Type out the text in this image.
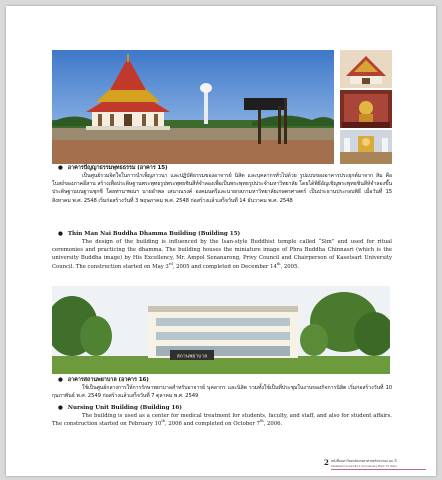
● อาคารปัญญาธรรมพุทธธรรม (อาคาร 15)
เป็นศูนย์รวมจิตใจในการนำเพ็ญภาวนา และปฏิบัติธรรมของอาจารย์ นิสิต และบุคลากรทั่วไปด้วย รูปแบบของอาคารประยุกต์มาจาก สิม คือ โบสถ์ของภาคอีสาน สร้างเพื่อประดิษฐานพระพุทธรูปพระพุทธชินสีห์จำลองเพื่อเป็นพระพุทธรูปประจำมหาวิทยาลัย โดยได้พิธีอัญเชิญพระพุทธชินสีห์จำลองขึ้นประดิษฐานบนฐานชุกชี โดยท่านฯพณฯ นายอำพล เสนาณรงค์ องคมนตรีและนายกสภามหาวิทยาลัยเกษตรศาสตร์ เป็นประธานประกอบพิธี เมื่อวันที่ 15 สิงหาคม พ.ศ. 2548 เริ่มก่อสร้างวันที่ 3 พฤษภาคม พ.ศ. 2548 ก่อสร้างแล้วเสร็จวันที่ 14 ธันวาคม พ.ศ. 2548
● Thin Man Nai Buddha Dhamma Building (Building 15)
The design of the building is influenced by the Isan-style Buddhist temple called “Sim” and used for ritual ceremonies and practicing the dhamma. The building houses the miniature image of Phra Buddha Chinnasri (which is the university Buddha image) by His Excellency, Mr. Ampol Senanarong, Privy Council and Chairperson of Kasetsart University Council. The construction started on May 3rd, 2005 and completed on December 14th, 2005.
สถานพยาบาล
● อาคารสถานพยาบาล (อาคาร 16)
ใช้เป็นศูนย์กลางการให้การรักษาพยาบาลสำหรับอาจารย์ บุคลากร และนิสิต รวมทั้งใช้เป็นที่ประชุมในงานของกิจการนิสิต เริ่มก่อสร้างวันที่ 10 กุมภาพันธ์ พ.ศ. 2549 ก่อสร้างแล้วเสร็จวันที่ 7 ตุลาคม พ.ศ. 2549
● Nursing Unit Building (Building 16)
The building is used as a center for medical treatment for students, faculty, and staff, and also for student affairs. The construction started on February 10th, 2006 and completed on October 7th, 2006.
2 หนังสือมหาวิทยาลัยเกษตรศาสตร์ครบรอบ ๗๐ ปี
Kasetsart University's Anniversary Book 70 Years
